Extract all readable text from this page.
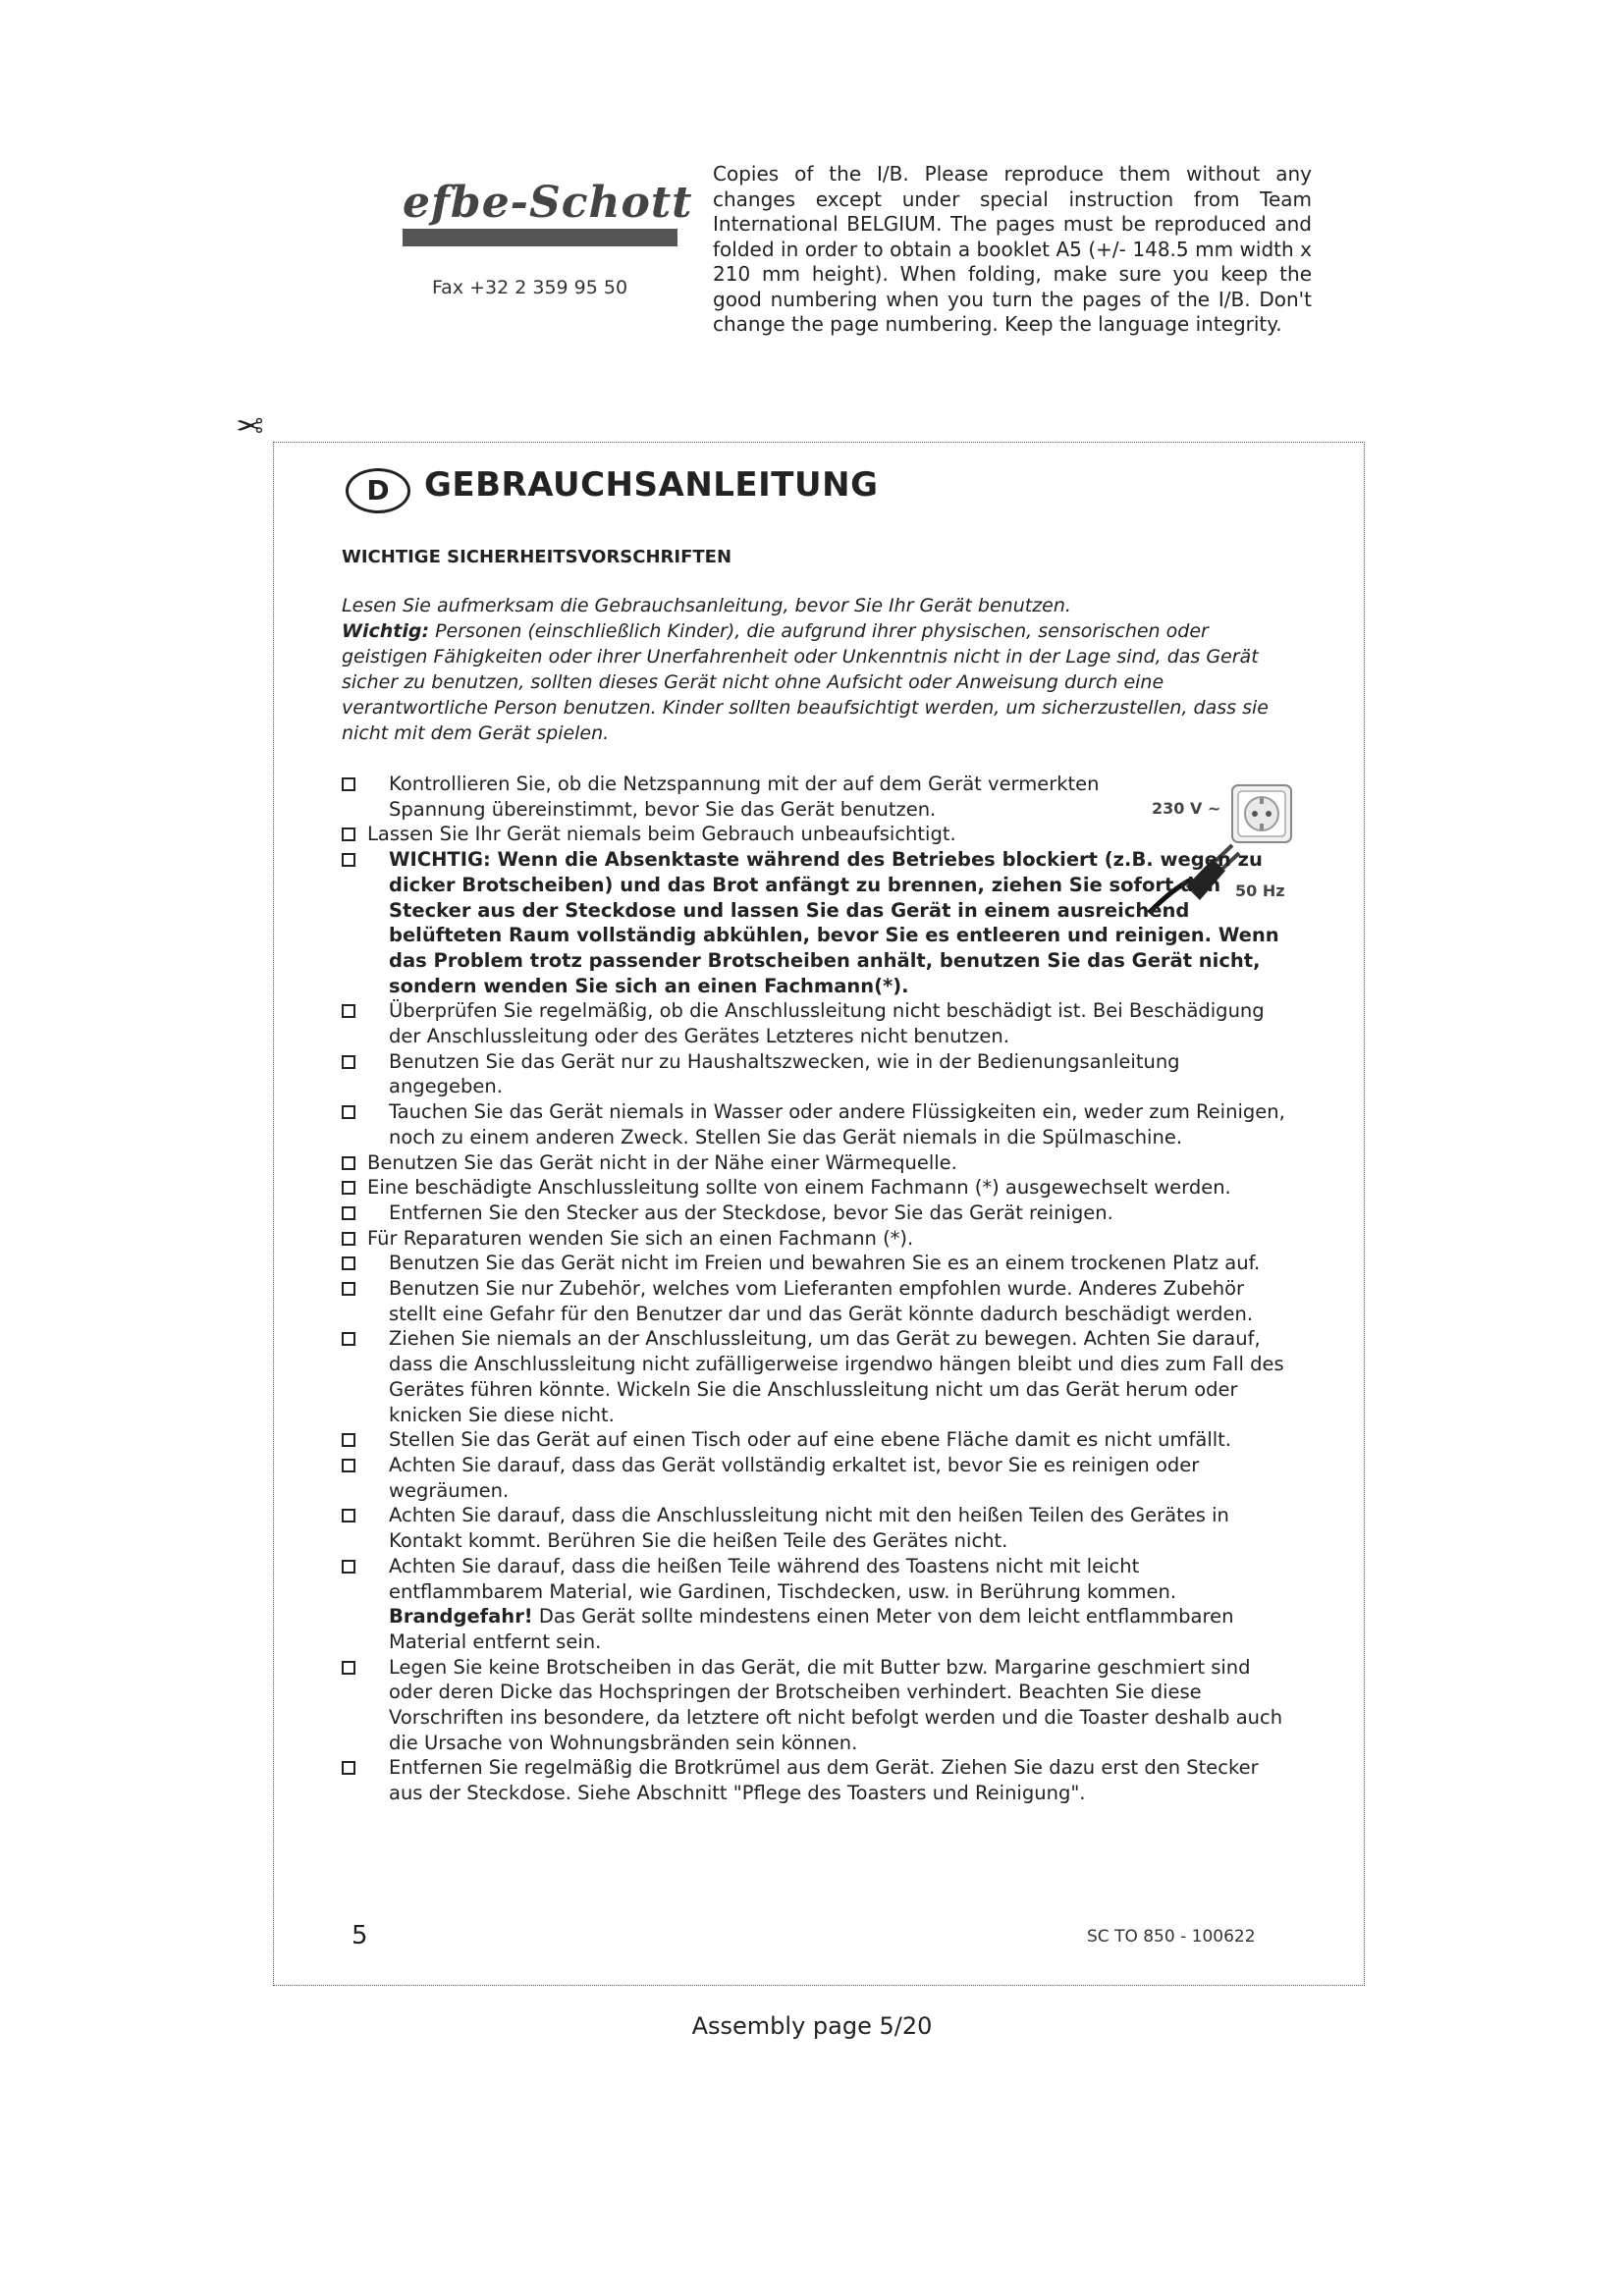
efbe-Schott
Fax +32 2 359 95 50
Copies of the I/B. Please reproduce them without any changes except under special instruction from Team International BELGIUM. The pages must be reproduced and folded in order to obtain a booklet A5 (+/- 148.5 mm width x 210 mm height). When folding, make sure you keep the good numbering when you turn the pages of the I/B. Don't change the page numbering. Keep the language integrity.
✂
D	GEBRAUCHSANLEITUNG
WICHTIGE SICHERHEITSVORSCHRIFTEN

Lesen Sie aufmerksam die Gebrauchsanleitung, bevor Sie Ihr Gerät benutzen.

Wichtig: Personen (einschließlich Kinder), die aufgrund ihrer physischen, sensorischen oder geistigen Fähigkeiten oder ihrer Unerfahrenheit oder Unkenntnis nicht in der Lage sind, das Gerät sicher zu benutzen, sollten dieses Gerät nicht ohne Aufsicht oder Anweisung durch eine verantwortliche Person benutzen. Kinder sollten beaufsichtigt werden, um sicherzustellen, dass sie nicht mit dem Gerät spielen.

230 V ~
50 Hz
Kontrollieren Sie, ob die Netzspannung mit der auf dem Gerät vermerkten Spannung übereinstimmt, bevor Sie das Gerät benutzen.
Lassen Sie Ihr Gerät niemals beim Gebrauch unbeaufsichtigt.
WICHTIG: Wenn die Absenktaste während des Betriebes blockiert (z.B. wegen zu dicker Brotscheiben) und das Brot anfängt zu brennen, ziehen Sie sofort den Stecker aus der Steckdose und lassen Sie das Gerät in einem ausreichend belüfteten Raum vollständig abkühlen, bevor Sie es entleeren und reinigen. Wenn das Problem trotz passender Brotscheiben anhält, benutzen Sie das Gerät nicht, sondern wenden Sie sich an einen Fachmann(*).
Überprüfen Sie regelmäßig, ob die Anschlussleitung nicht beschädigt ist. Bei Beschädigung der Anschlussleitung oder des Gerätes Letzteres nicht benutzen.
Benutzen Sie das Gerät nur zu Haushaltszwecken, wie in der Bedienungsanleitung angegeben.
Tauchen Sie das Gerät niemals in Wasser oder andere Flüssigkeiten ein, weder zum Reinigen, noch zu einem anderen Zweck. Stellen Sie das Gerät niemals in die Spülmaschine.
Benutzen Sie das Gerät nicht in der Nähe einer Wärmequelle.
Eine beschädigte Anschlussleitung sollte von einem Fachmann (*) ausgewechselt werden.
Entfernen Sie den Stecker aus der Steckdose, bevor Sie das Gerät reinigen.
Für Reparaturen wenden Sie sich an einen Fachmann (*).
Benutzen Sie das Gerät nicht im Freien und bewahren Sie es an einem trockenen Platz auf.
Benutzen Sie nur Zubehör, welches vom Lieferanten empfohlen wurde. Anderes Zubehör stellt eine Gefahr für den Benutzer dar und das Gerät könnte dadurch beschädigt werden.
Ziehen Sie niemals an der Anschlussleitung, um das Gerät zu bewegen. Achten Sie darauf, dass die Anschlussleitung nicht zufälligerweise irgendwo hängen bleibt und dies zum Fall des Gerätes führen könnte. Wickeln Sie die Anschlussleitung nicht um das Gerät herum oder knicken Sie diese nicht.
Stellen Sie das Gerät auf einen Tisch oder auf eine ebene Fläche damit es nicht umfällt.
Achten Sie darauf, dass das Gerät vollständig erkaltet ist, bevor Sie es reinigen oder wegräumen.
Achten Sie darauf, dass die Anschlussleitung nicht mit den heißen Teilen des Gerätes in Kontakt kommt. Berühren Sie die heißen Teile des Gerätes nicht.
Achten Sie darauf, dass die heißen Teile während des Toastens nicht mit leicht entflammbarem Material, wie Gardinen, Tischdecken, usw. in Berührung kommen.
Brandgefahr! Das Gerät sollte mindestens einen Meter von dem leicht entflammbaren Material entfernt sein.
Legen Sie keine Brotscheiben in das Gerät, die mit Butter bzw. Margarine geschmiert sind oder deren Dicke das Hochspringen der Brotscheiben verhindert. Beachten Sie diese Vorschriften ins besondere, da letztere oft nicht befolgt werden und die Toaster deshalb auch die Ursache von Wohnungsbränden sein können.
Entfernen Sie regelmäßig die Brotkrümel aus dem Gerät. Ziehen Sie dazu erst den Stecker aus der Steckdose. Siehe Abschnitt "Pflege des Toasters und Reinigung".
5	SC TO 850 - 100622
Assembly page 5/20
